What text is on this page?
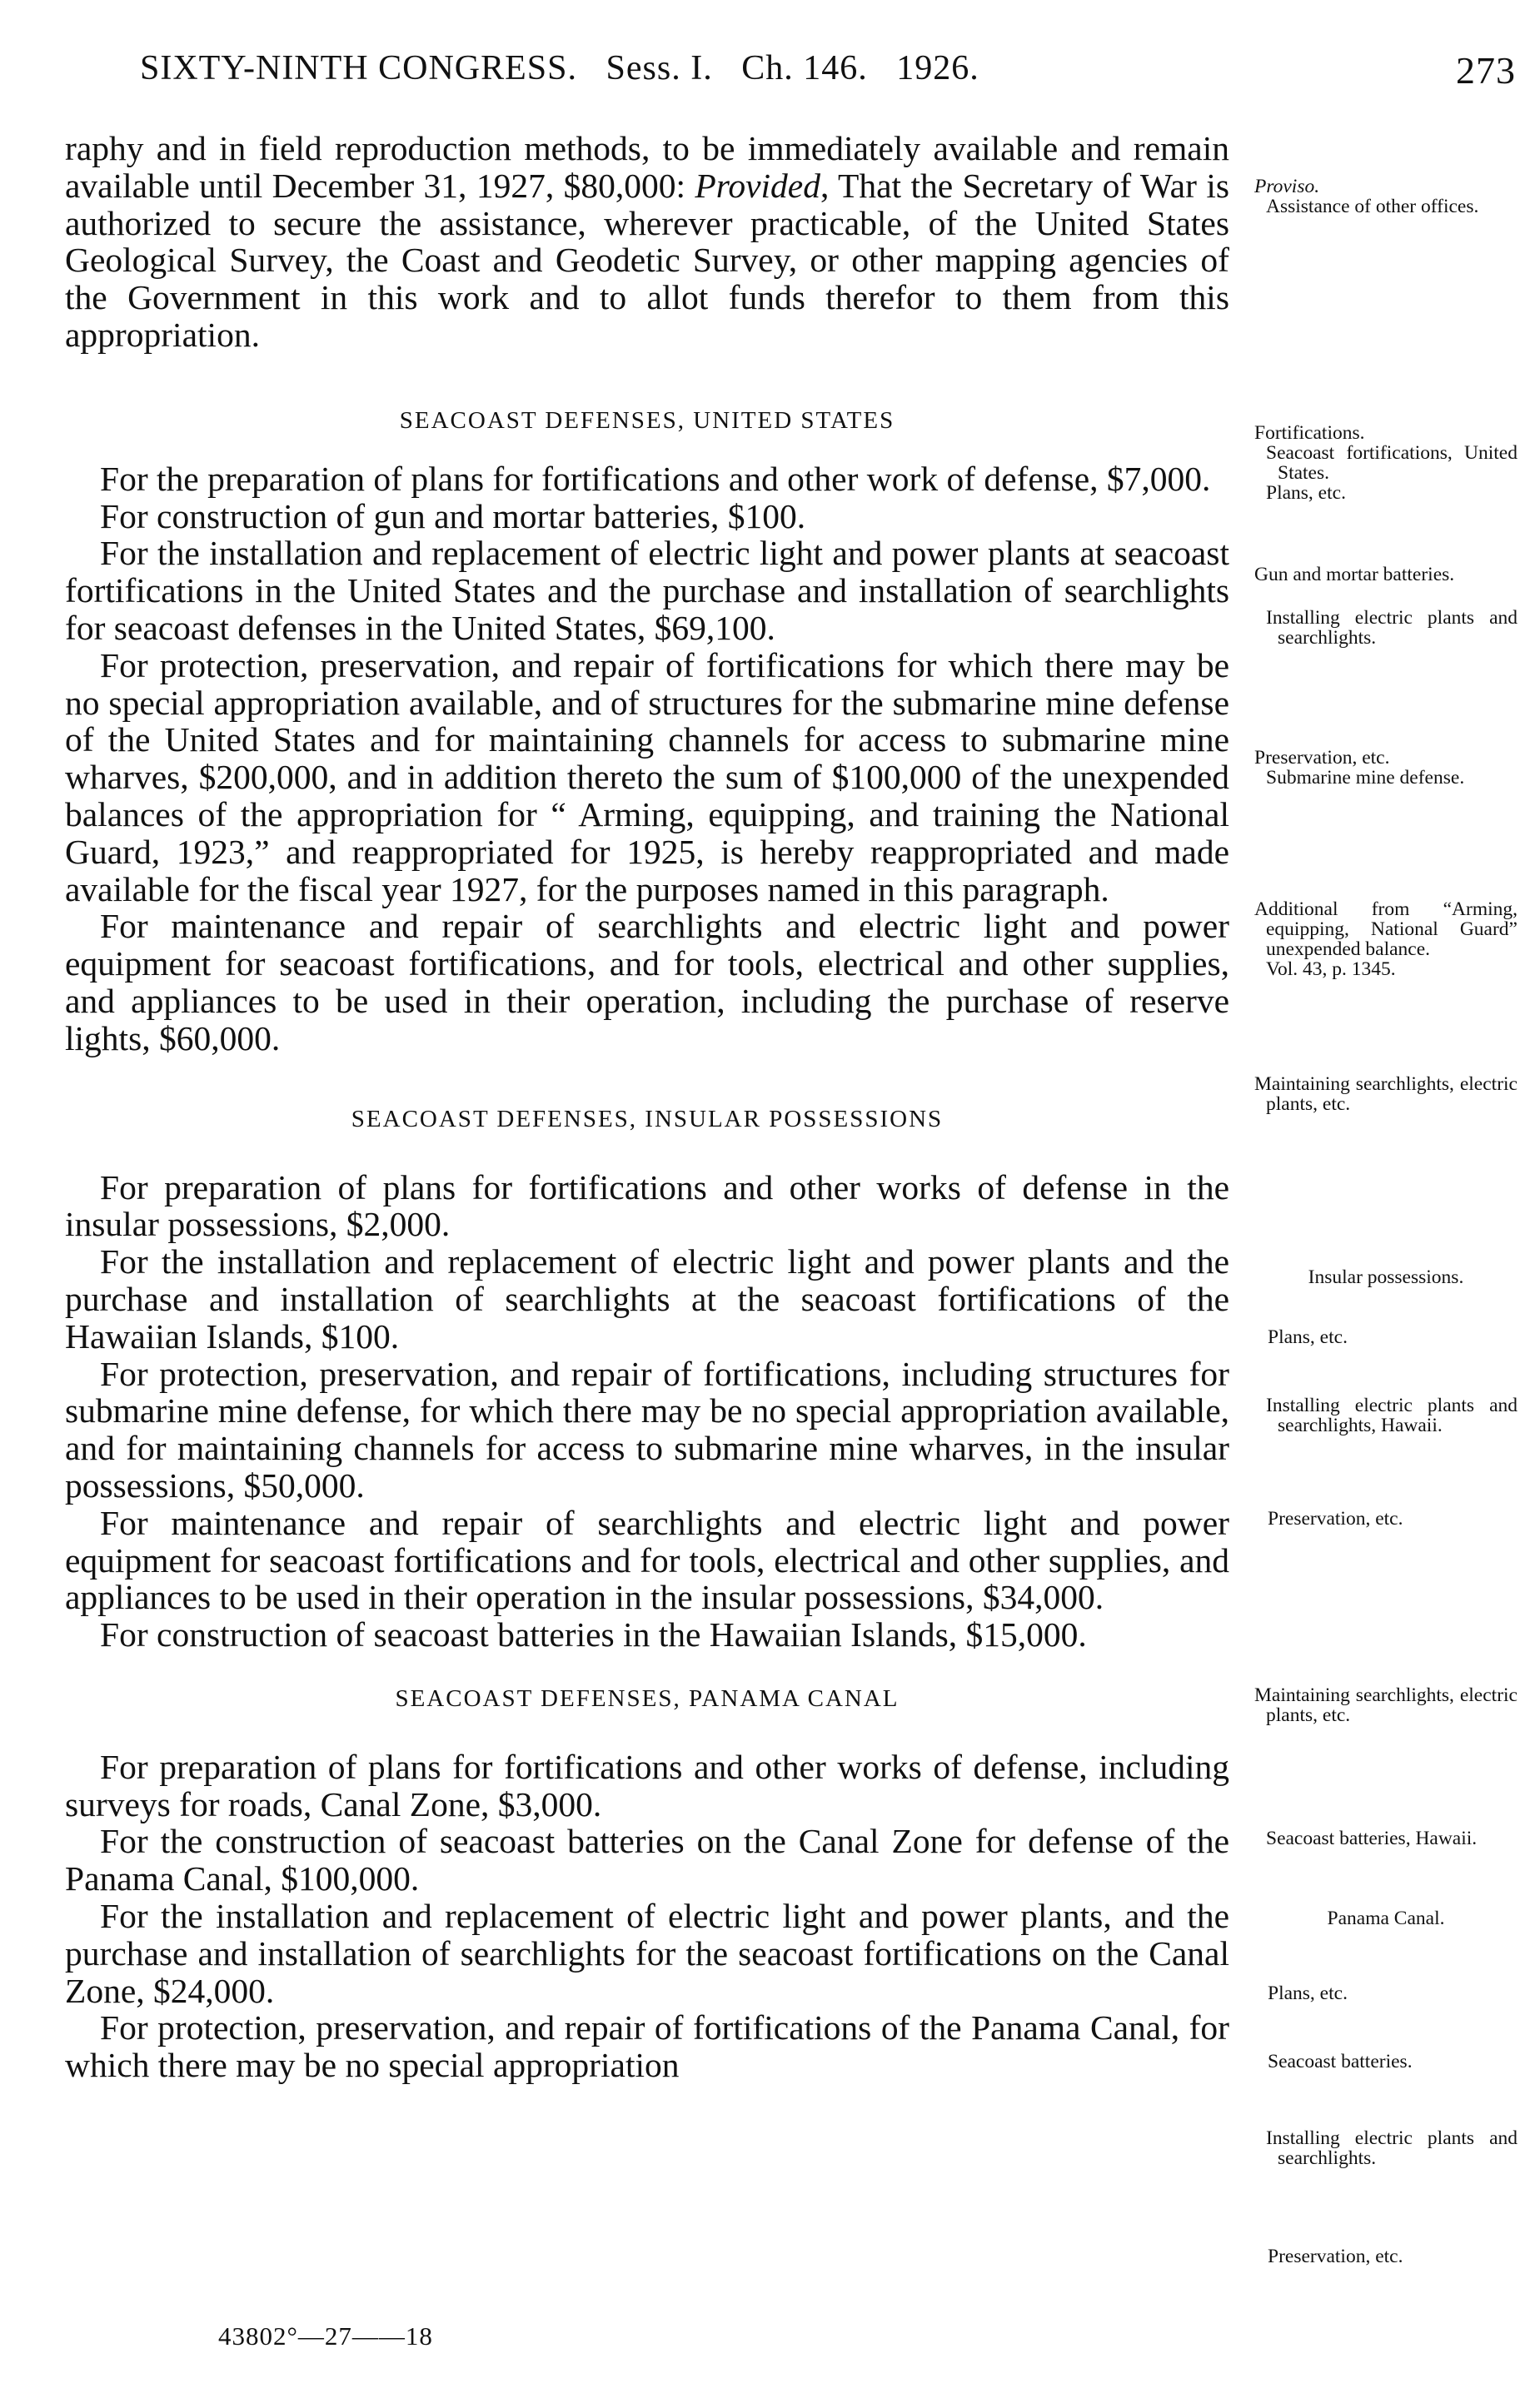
SIXTY-NINTH CONGRESS.   Sess. I.   Ch. 146.   1926.	273

raphy and in field reproduction methods, to be immediately available and remain available until December 31, 1927, $80,000: Provided, That the Secretary of War is authorized to secure the assistance, wherever practicable, of the United States Geological Survey, the Coast and Geodetic Survey, or other mapping agencies of the Government in this work and to allot funds therefor to them from this appropriation.

SEACOAST DEFENSES, UNITED STATES

For the preparation of plans for fortifications and other work of defense, $7,000.

For construction of gun and mortar batteries, $100.

For the installation and replacement of electric light and power plants at seacoast fortifications in the United States and the purchase and installation of searchlights for seacoast defenses in the United States, $69,100.

For protection, preservation, and repair of fortifications for which there may be no special appropriation available, and of structures for the submarine mine defense of the United States and for maintaining channels for access to submarine mine wharves, $200,000, and in addition thereto the sum of $100,000 of the unexpended balances of the appropriation for “ Arming, equipping, and training the National Guard, 1923,” and reappropriated for 1925, is hereby reappropriated and made available for the fiscal year 1927, for the purposes named in this paragraph.

For maintenance and repair of searchlights and electric light and power equipment for seacoast fortifications, and for tools, electrical and other supplies, and appliances to be used in their operation, including the purchase of reserve lights, $60,000.

SEACOAST DEFENSES, INSULAR POSSESSIONS

For preparation of plans for fortifications and other works of defense in the insular possessions, $2,000.

For the installation and replacement of electric light and power plants and the purchase and installation of searchlights at the seacoast fortifications of the Hawaiian Islands, $100.

For protection, preservation, and repair of fortifications, including structures for submarine mine defense, for which there may be no special appropriation available, and for maintaining channels for access to submarine mine wharves, in the insular possessions, $50,000.

For maintenance and repair of searchlights and electric light and power equipment for seacoast fortifications and for tools, electrical and other supplies, and appliances to be used in their operation in the insular possessions, $34,000.

For construction of seacoast batteries in the Hawaiian Islands, $15,000.

SEACOAST DEFENSES, PANAMA CANAL

For preparation of plans for fortifications and other works of defense, including surveys for roads, Canal Zone, $3,000.

For the construction of seacoast batteries on the Canal Zone for defense of the Panama Canal, $100,000.

For the installation and replacement of electric light and power plants, and the purchase and installation of searchlights for the seacoast fortifications on the Canal Zone, $24,000.

For protection, preservation, and repair of fortifications of the Panama Canal, for which there may be no special appropriation

Proviso.
Assistance of other offices.
Fortifications.
Seacoast fortifications, United States.
Plans, etc.
Gun and mortar batteries.
Installing electric plants and searchlights.
Preservation, etc.
Submarine mine defense.
Additional from “Arming, equipping, National Guard” unexpended balance.
Vol. 43, p. 1345.
Maintaining searchlights, electric plants, etc.
Insular possessions.
Plans, etc.
Installing electric plants and searchlights, Hawaii.
Preservation, etc.
Maintaining searchlights, electric plants, etc.
Seacoast batteries, Hawaii.
Panama Canal.
Plans, etc.
Seacoast batteries.
Installing electric plants and searchlights.
Preservation, etc.
43802°—27——18
